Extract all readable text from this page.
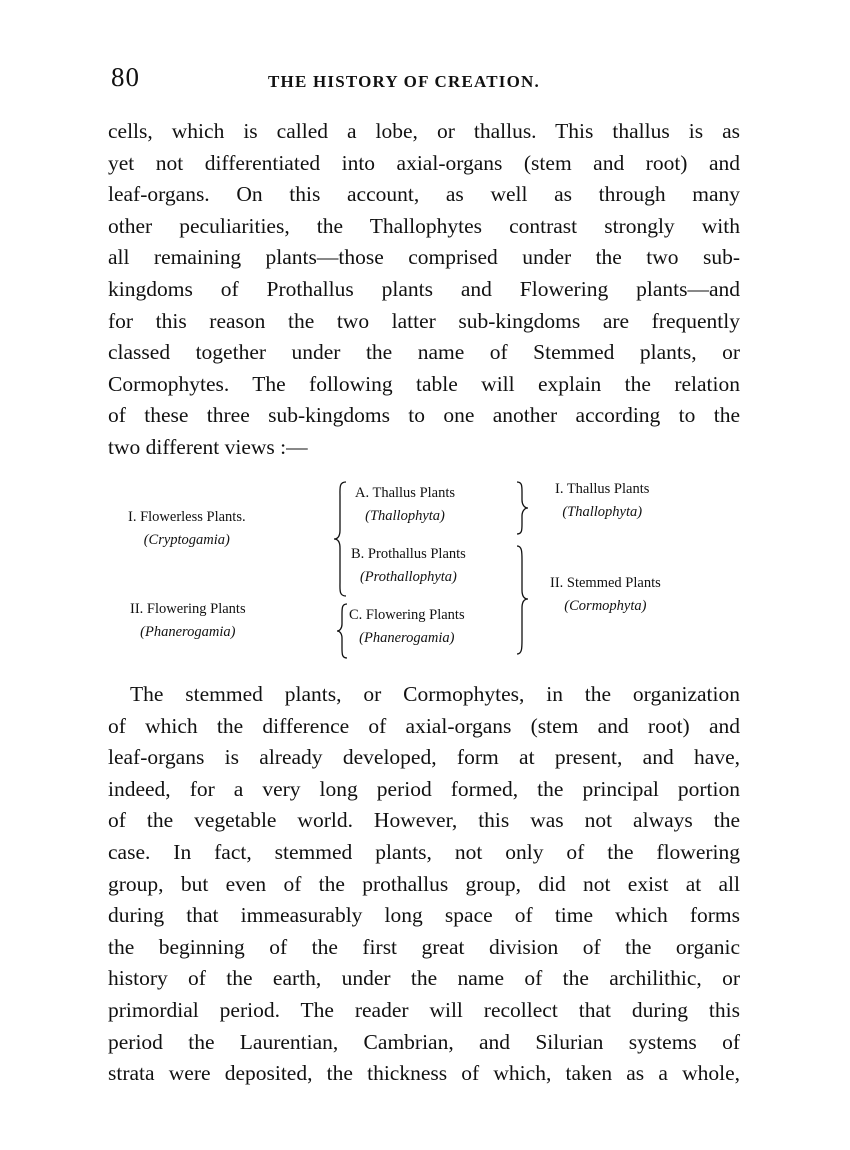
80	THE HISTORY OF CREATION.
cells, which is called a lobe, or thallus. This thallus is as
yet not differentiated into axial-organs (stem and root) and
leaf-organs. On this account, as well as through many
other peculiarities, the Thallophytes contrast strongly with
all remaining plants—those comprised under the two sub-
kingdoms of Prothallus plants and Flowering plants—and
for this reason the two latter sub-kingdoms are frequently
classed together under the name of Stemmed plants, or
Cormophytes. The following table will explain the relation
of these three sub-kingdoms to one another according to the
two different views :—
I. Flowerless Plants.
(Cryptogamia)
II. Flowering Plants
(Phanerogamia)
A. Thallus Plants
(Thallophyta)
B. Prothallus Plants
(Prothallophyta)
C. Flowering Plants
(Phanerogamia)
I. Thallus Plants
(Thallophyta)
II. Stemmed Plants
(Cormophyta)
The stemmed plants, or Cormophytes, in the organization
of which the difference of axial-organs (stem and root) and
leaf-organs is already developed, form at present, and have,
indeed, for a very long period formed, the principal portion
of the vegetable world. However, this was not always the
case. In fact, stemmed plants, not only of the flowering
group, but even of the prothallus group, did not exist at all
during that immeasurably long space of time which forms
the beginning of the first great division of the organic
history of the earth, under the name of the archilithic, or
primordial period. The reader will recollect that during this
period the Laurentian, Cambrian, and Silurian systems of
strata were deposited, the thickness of which, taken as a whole,
